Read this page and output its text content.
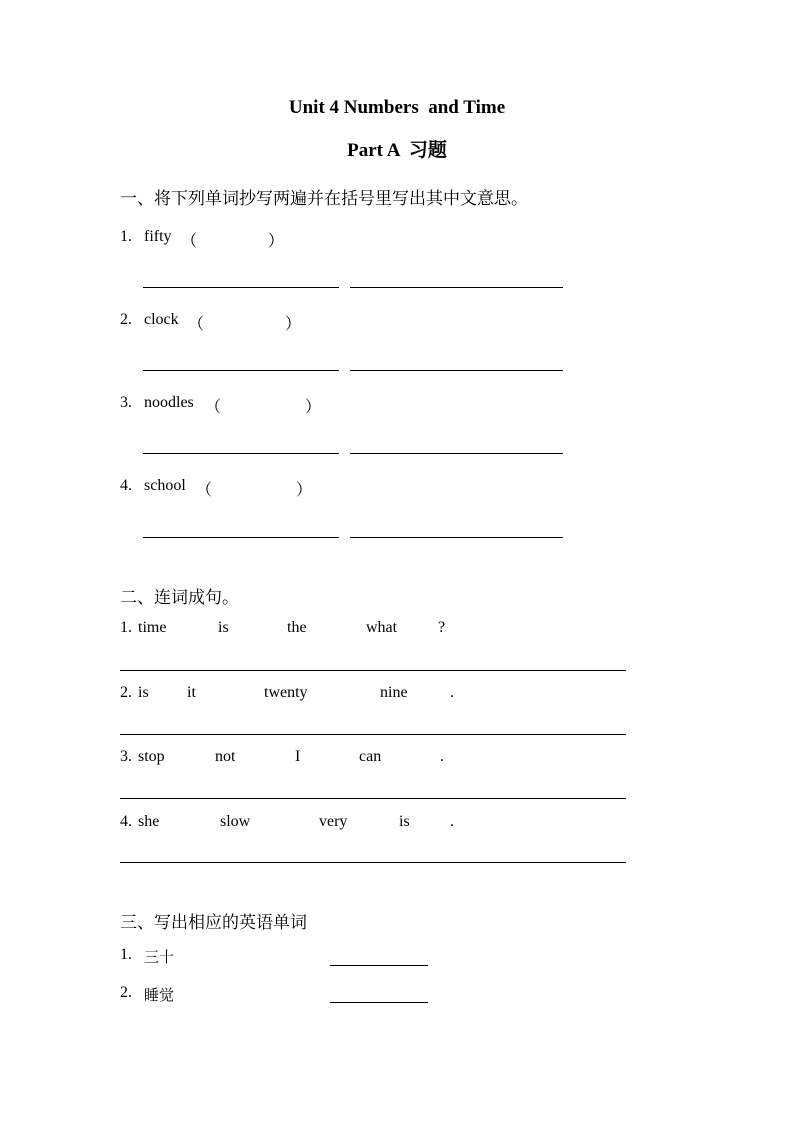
Unit 4 Numbers  and Time
Part A  习题
一、将下列单词抄写两遍并在括号里写出其中文意思。
1. fifty （	）
2. clock （	）
3. noodles （	）
4. school （	）
二、连词成句。
1. time	is	the	what	?
2. is it	twenty	nine	.
3. stop	not	I	can	.
4. she	slow	very	is	.
三、写出相应的英语单词
1. 三十
2. 睡觉
